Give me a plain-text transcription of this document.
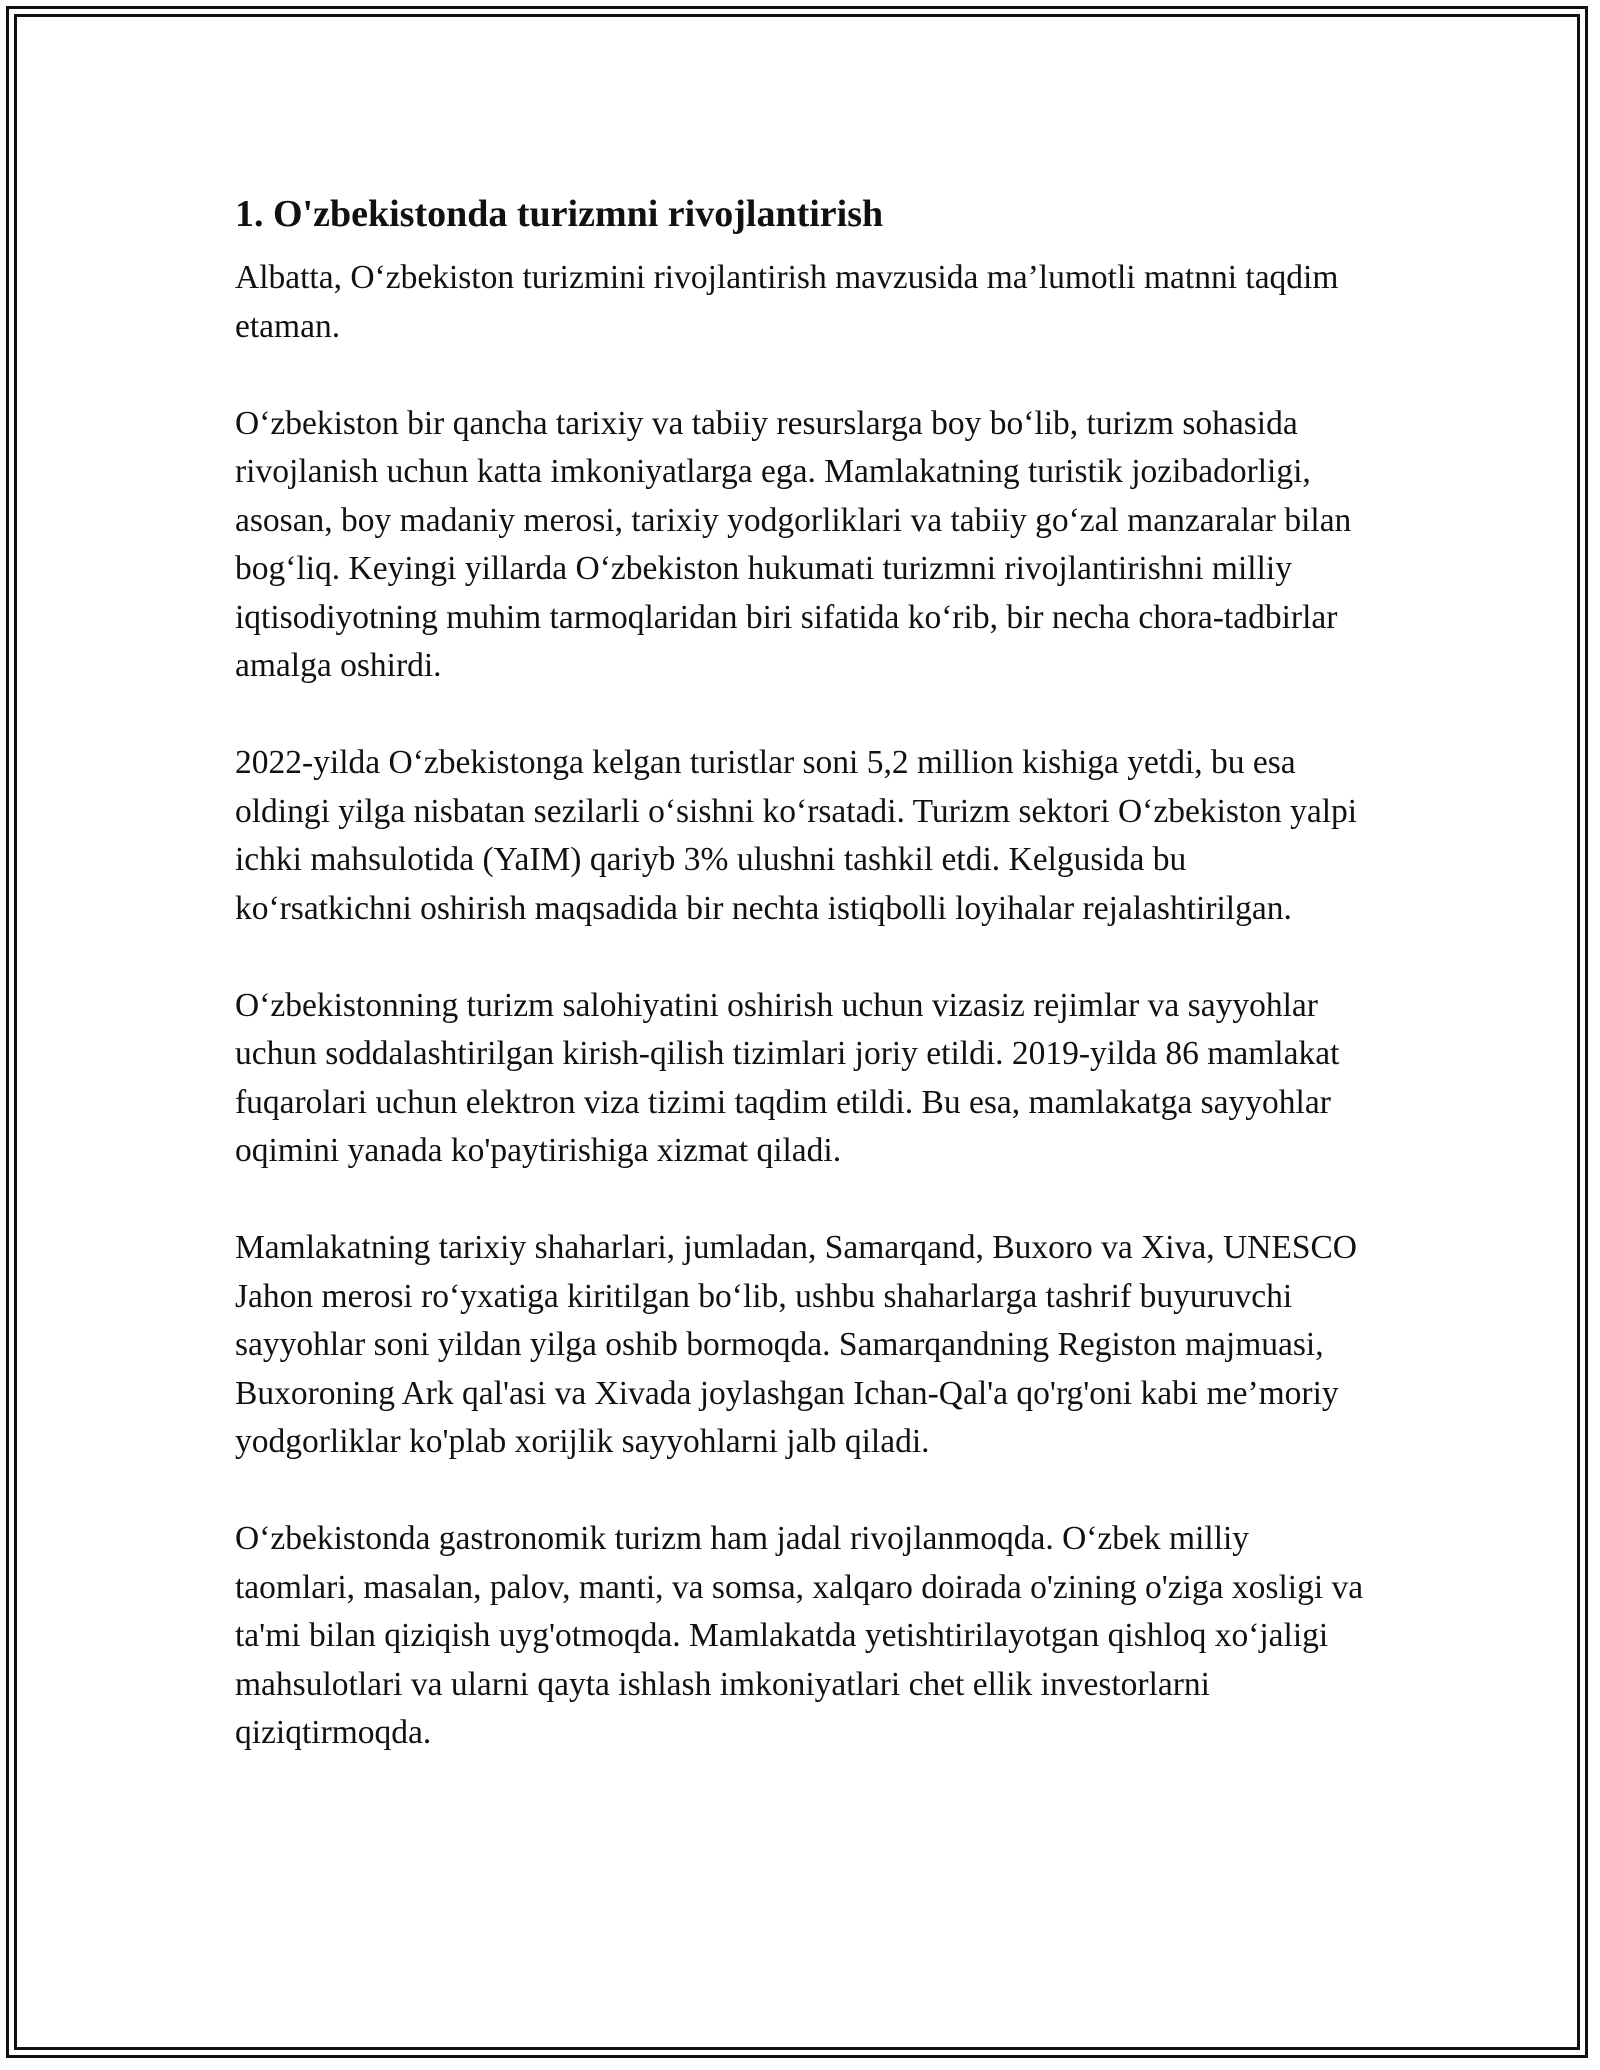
1. O'zbekistonda turizmni rivojlantirish

Albatta, O‘zbekiston turizmini rivojlantirish mavzusida ma’lumotli matnni taqdim etaman.

O‘zbekiston bir qancha tarixiy va tabiiy resurslarga boy bo‘lib, turizm sohasida rivojlanish uchun katta imkoniyatlarga ega. Mamlakatning turistik jozibadorligi, asosan, boy madaniy merosi, tarixiy yodgorliklari va tabiiy go‘zal manzaralar bilan bog‘liq. Keyingi yillarda O‘zbekiston hukumati turizmni rivojlantirishni milliy iqtisodiyotning muhim tarmoqlaridan biri sifatida ko‘rib, bir necha chora-tadbirlar amalga oshirdi.

2022-yilda O‘zbekistonga kelgan turistlar soni 5,2 million kishiga yetdi, bu esa oldingi yilga nisbatan sezilarli o‘sishni ko‘rsatadi. Turizm sektori O‘zbekiston yalpi ichki mahsulotida (YaIM) qariyb 3% ulushni tashkil etdi. Kelgusida bu ko‘rsatkichni oshirish maqsadida bir nechta istiqbolli loyihalar rejalashtirilgan.

O‘zbekistonning turizm salohiyatini oshirish uchun vizasiz rejimlar va sayyohlar uchun soddalashtirilgan kirish-qilish tizimlari joriy etildi. 2019-yilda 86 mamlakat fuqarolari uchun elektron viza tizimi taqdim etildi. Bu esa, mamlakatga sayyohlar oqimini yanada ko'paytirishiga xizmat qiladi.

Mamlakatning tarixiy shaharlari, jumladan, Samarqand, Buxoro va Xiva, UNESCO Jahon merosi ro‘yxatiga kiritilgan bo‘lib, ushbu shaharlarga tashrif buyuruvchi sayyohlar soni yildan yilga oshib bormoqda. Samarqandning Registon majmuasi, Buxoroning Ark qal'asi va Xivada joylashgan Ichan-Qal'a qo'rg'oni kabi me’moriy yodgorliklar ko'plab xorijlik sayyohlarni jalb qiladi.

O‘zbekistonda gastronomik turizm ham jadal rivojlanmoqda. O‘zbek milliy taomlari, masalan, palov, manti, va somsa, xalqaro doirada o'zining o'ziga xosligi va ta'mi bilan qiziqish uyg'otmoqda. Mamlakatda yetishtirilayotgan qishloq xo‘jaligi mahsulotlari va ularni qayta ishlash imkoniyatlari chet ellik investorlarni qiziqtirmoqda.
